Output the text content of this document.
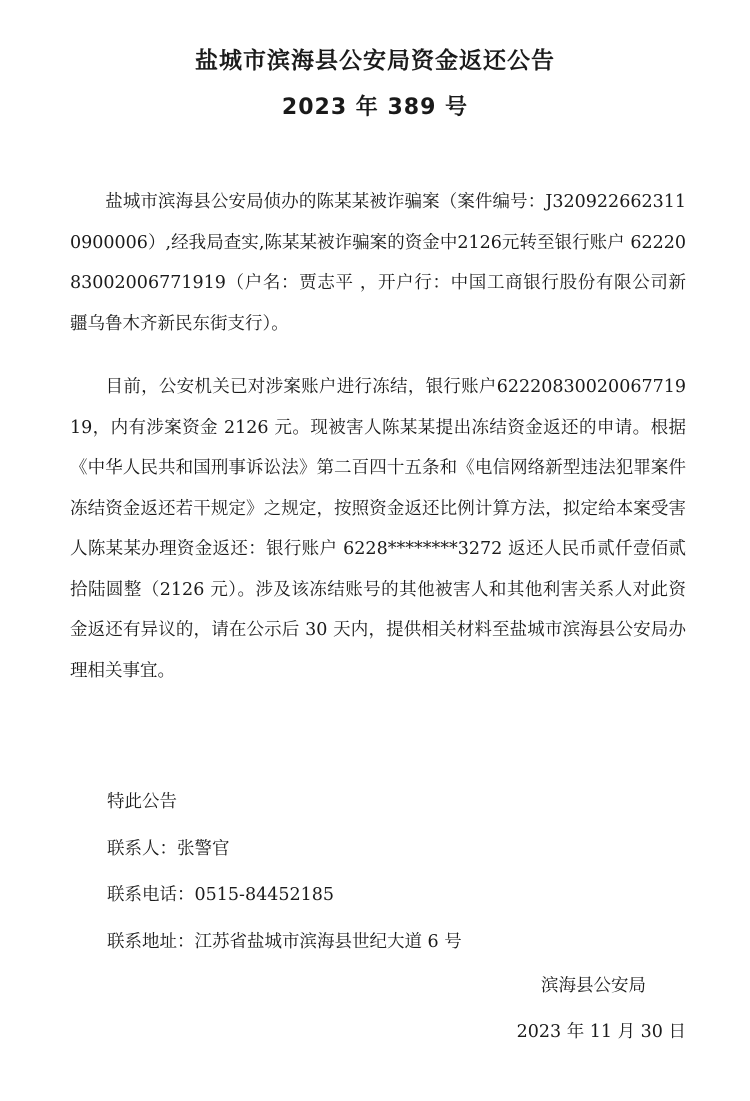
盐城市滨海县公安局资金返还公告
2023 年 389 号
　　盐城市滨海县公安局侦办的陈某某被诈骗案（案件编号：J3209226623110900006）,经我局查实,陈某某被诈骗案的资金中2126元转至银行账户 6222083002006771919（户名：贾志平 ，开户行：中国工商银行股份有限公司新疆乌鲁木齐新民东街支行）。
　　目前，公安机关已对涉案账户进行冻结，银行账户6222083002006771919，内有涉案资金 2126 元。现被害人陈某某提出冻结资金返还的申请。根据《中华人民共和国刑事诉讼法》第二百四十五条和《电信网络新型违法犯罪案件冻结资金返还若干规定》之规定，按照资金返还比例计算方法，拟定给本案受害人陈某某办理资金返还：银行账户 6228********3272 返还人民币贰仟壹佰贰拾陆圆整（2126 元）。涉及该冻结账号的其他被害人和其他利害关系人对此资金返还有异议的，请在公示后 30 天内，提供相关材料至盐城市滨海县公安局办理相关事宜。
特此公告
联系人：张警官
联系电话：0515-84452185
联系地址：江苏省盐城市滨海县世纪大道 6 号
滨海县公安局
2023 年 11 月 30 日
